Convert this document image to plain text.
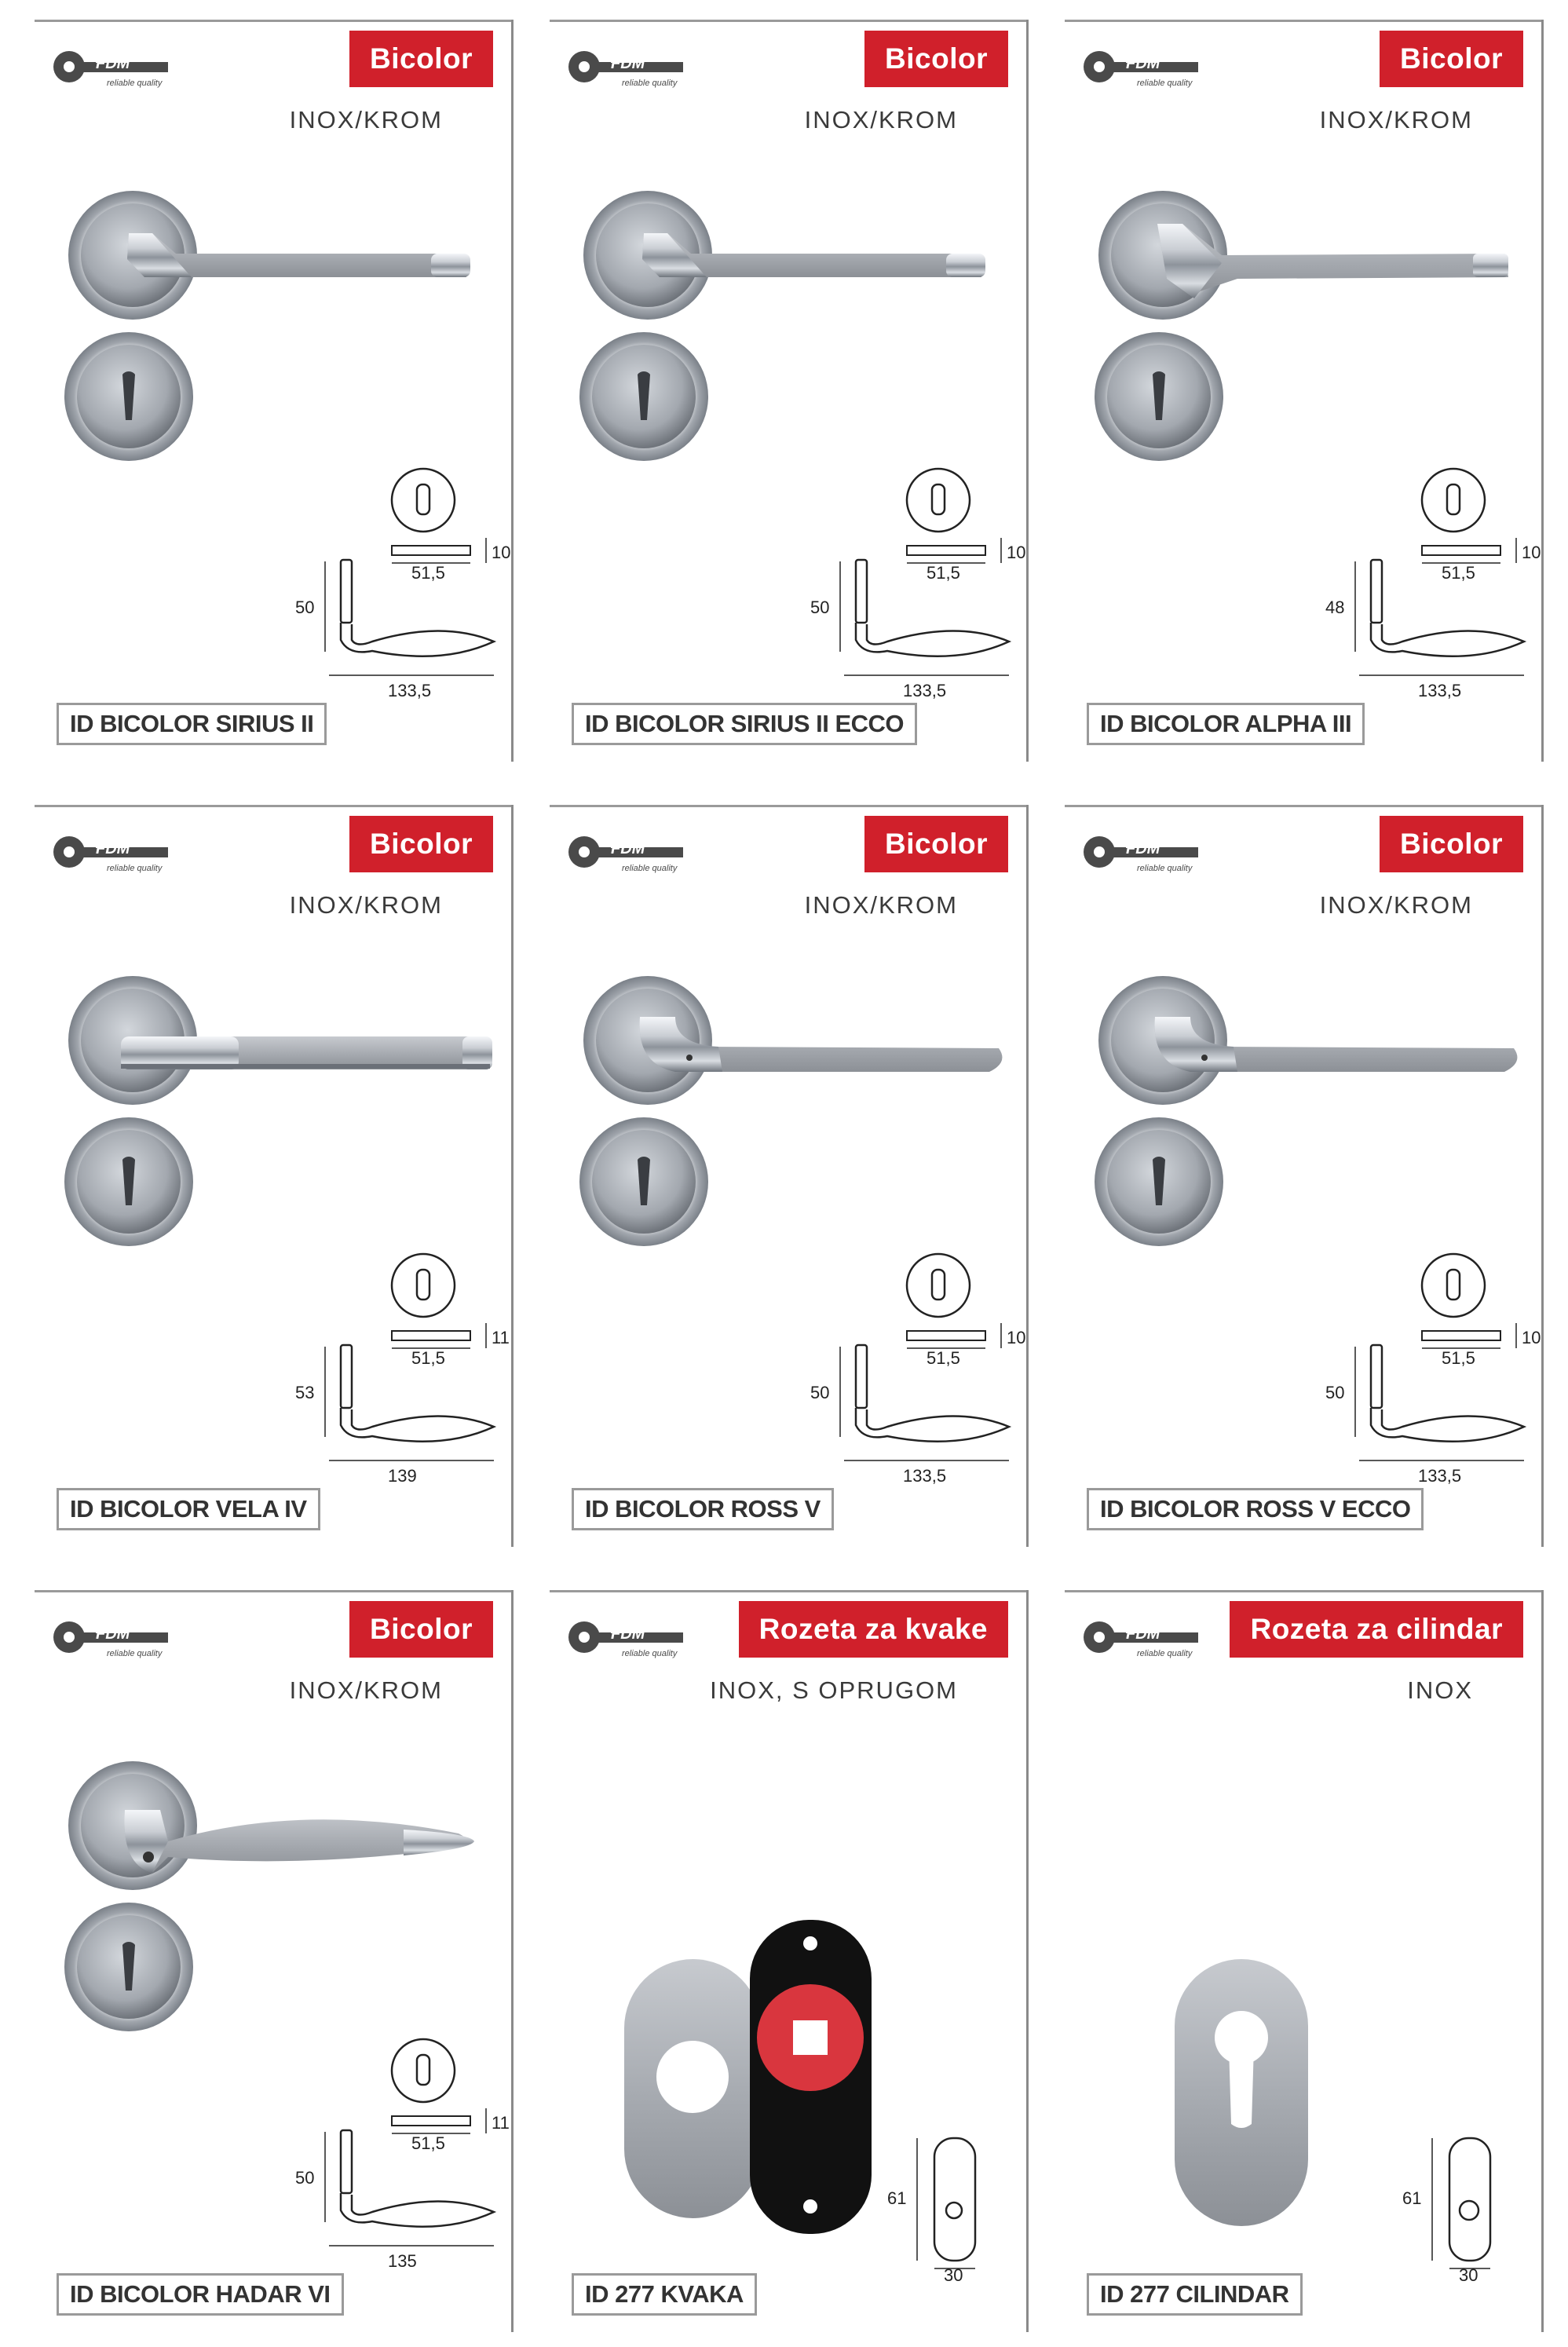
FDM
reliable quality
Bicolor
INOX/KROM
10
51,5
50
133,5
ID BICOLOR SIRIUS II
FDM
reliable quality
Bicolor
INOX/KROM
10
51,5
50
133,5
ID BICOLOR SIRIUS II ECCO
FDM
reliable quality
Bicolor
INOX/KROM
10
51,5
48
133,5
ID BICOLOR ALPHA III
FDM
reliable quality
Bicolor
INOX/KROM
11
51,5
53
139
ID BICOLOR VELA IV
FDM
reliable quality
Bicolor
INOX/KROM
10
51,5
50
133,5
ID BICOLOR ROSS V
FDM
reliable quality
Bicolor
INOX/KROM
10
51,5
50
133,5
ID BICOLOR ROSS V ECCO
FDM
reliable quality
Bicolor
INOX/KROM
11
51,5
50
135
ID BICOLOR HADAR VI
FDM
reliable quality
Rozeta za kvake
INOX, S OPRUGOM
61
30
ID 277 KVAKA
FDM
reliable quality
Rozeta za cilindar
INOX
61
30
ID 277 CILINDAR
